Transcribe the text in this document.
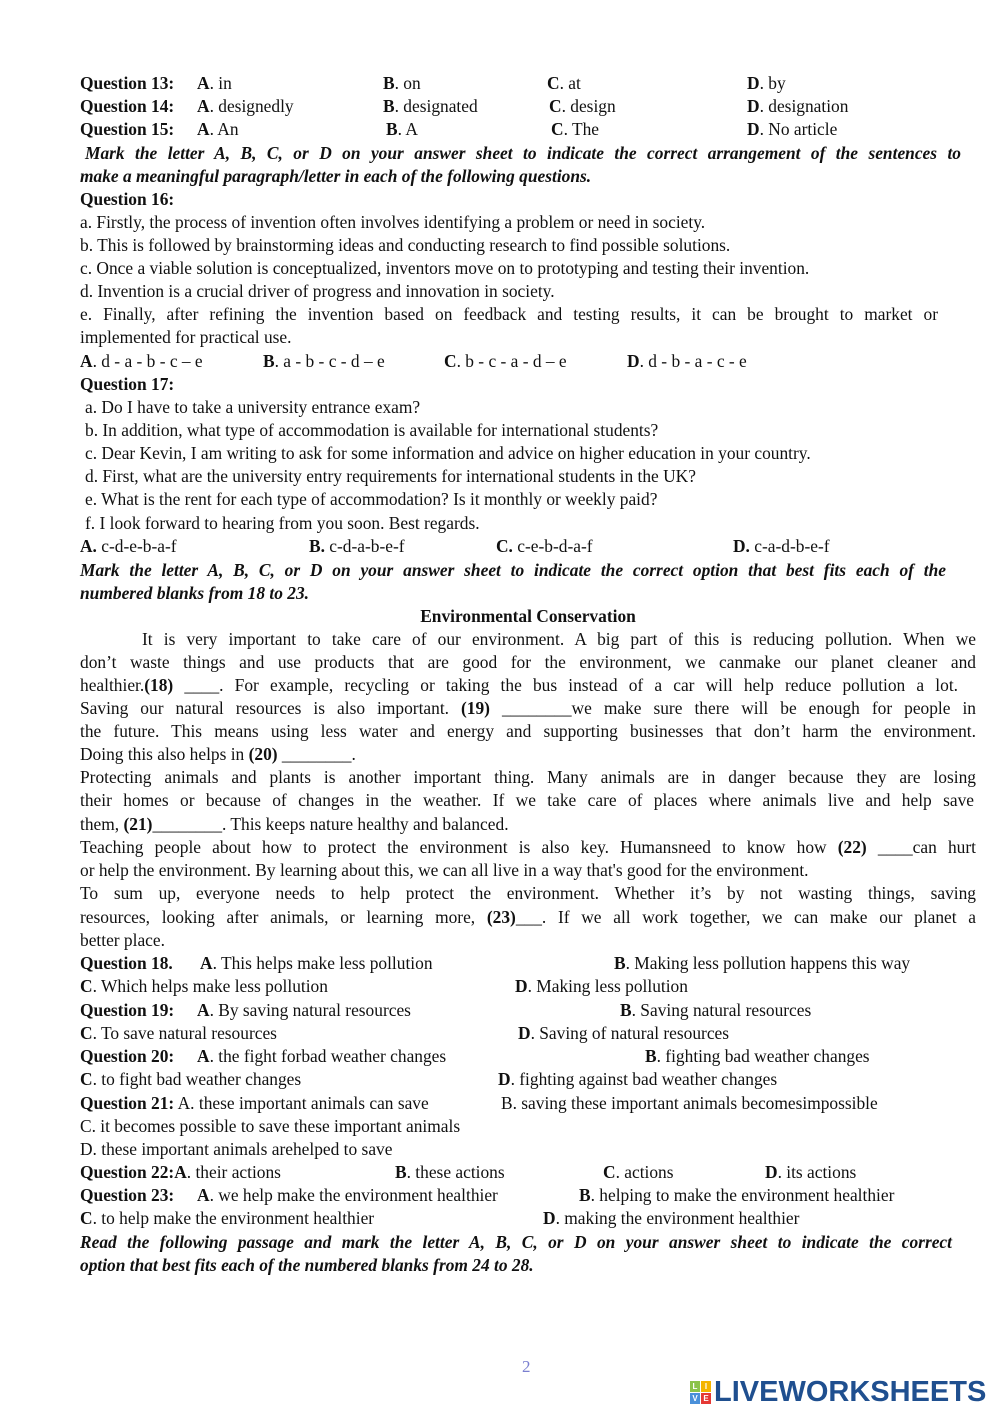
Question 13: A. in	B. on	C. at	D. by
Question 14: A. designedly	B. designated	C. design	D. designation
Question 15: A. An	B. A	C. The	D. No article
Mark the letter A, B, C, or D on your answer sheet to indicate the correct arrangement of the sentences to
make a meaningful paragraph/letter in each of the following questions.
Question 16:
a. Firstly, the process of invention often involves identifying a problem or need in society.
b. This is followed by brainstorming ideas and conducting research to find possible solutions.
c. Once a viable solution is conceptualized, inventors move on to prototyping and testing their invention.
d. Invention is a crucial driver of progress and innovation in society.
e. Finally, after refining the invention based on feedback and testing results, it can be brought to market or
implemented for practical use.
A. d - a - b - c – e	B. a - b - c - d – e	C. b - c - a - d – e	D. d - b - a - c - e
Question 17:
a. Do I have to take a university entrance exam?
b. In addition, what type of accommodation is available for international students?
c. Dear Kevin, I am writing to ask for some information and advice on higher education in your country.
d. First, what are the university entry requirements for international students in the UK?
e. What is the rent for each type of accommodation? Is it monthly or weekly paid?
f. I look forward to hearing from you soon. Best regards.
A. c-d-e-b-a-f	B. c-d-a-b-e-f	C. c-e-b-d-a-f	D. c-a-d-b-e-f
Mark the letter A, B, C, or D on your answer sheet to indicate the correct option that best fits each of the
numbered blanks from 18 to 23.
Environmental Conservation
It is very important to take care of our environment. A big part of this is reducing pollution. When we
don’t waste things and use products that are good for the environment, we canmake our planet cleaner and
healthier.(18) ____. For example, recycling or taking the bus instead of a car will help reduce pollution a lot.
Saving our natural resources is also important. (19) ________we make sure there will be enough for people in
the future. This means using less water and energy and supporting businesses that don’t harm the environment.
Doing this also helps in (20) ________.
Protecting animals and plants is another important thing. Many animals are in danger because they are losing
their homes or because of changes in the weather. If we take care of places where animals live and help save
them, (21)________. This keeps nature healthy and balanced.
Teaching people about how to protect the environment is also key. Humansneed to know how (22) ____can hurt
or help the environment. By learning about this, we can all live in a way that's good for the environment.
To sum up, everyone needs to help protect the environment. Whether it’s by not wasting things, saving
resources, looking after animals, or learning more, (23)___. If we all work together, we can make our planet a
better place.
Question 18. A. This helps make less pollution	B. Making less pollution happens this way
C. Which helps make less pollution	D. Making less pollution
Question 19: A. By saving natural resources	B. Saving natural resources
C. To save natural resources	D. Saving of natural resources
Question 20: A. the fight forbad weather changes	B. fighting bad weather changes
C. to fight bad weather changes	D. fighting against bad weather changes
Question 21: A. these important animals can save	B. saving these important animals becomesimpossible
C. it becomes possible to save these important animals
D. these important animals arehelped to save
Question 22:A. their actions	B. these actions	C. actions	D. its actions
Question 23: A. we help make the environment healthier	B. helping to make the environment healthier
C. to help make the environment healthier	D. making the environment healthier
Read the following passage and mark the letter A, B, C, or D on your answer sheet to indicate the correct
option that best fits each of the numbered blanks from 24 to 28.
2
L I
V E LIVEWORKSHEETS
